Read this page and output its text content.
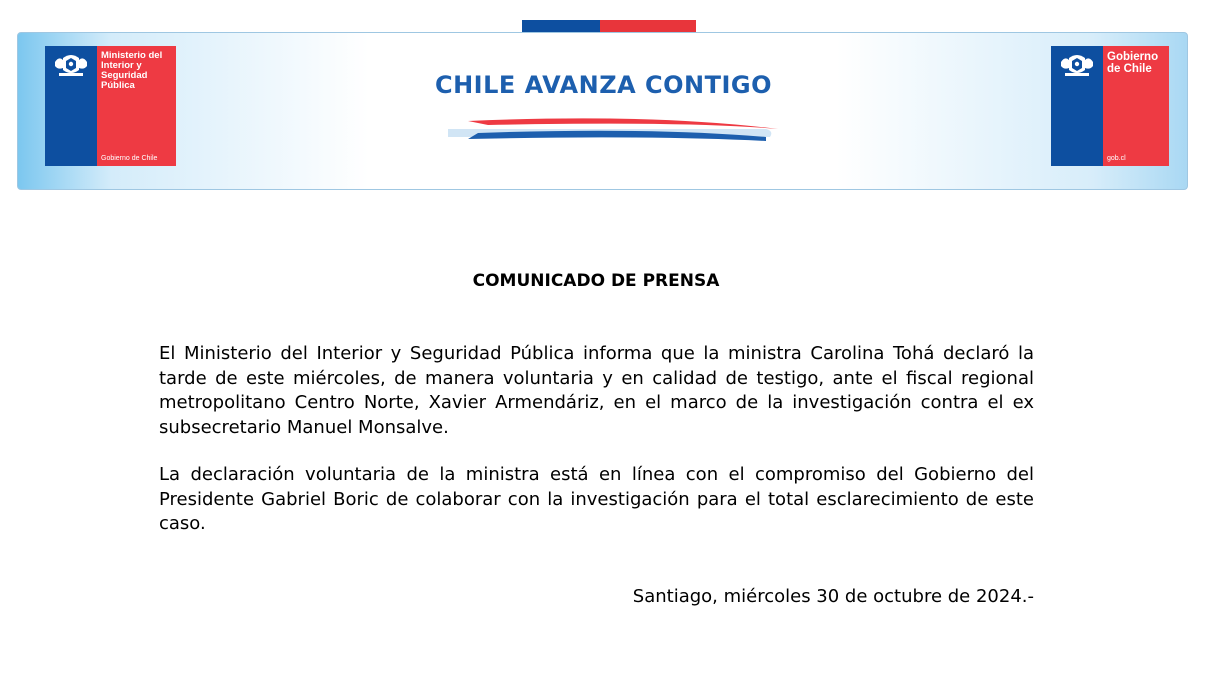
Ministerio del
Interior y
Seguridad
Pública
Gobierno de Chile
CHILE AVANZA CONTIGO
Gobierno
de Chile
gob.cl
COMUNICADO DE PRENSA

El Ministerio del Interior y Seguridad Pública informa que la ministra Carolina Tohá declaró la tarde de este miércoles, de manera voluntaria y en calidad de testigo, ante el fiscal regional metropolitano Centro Norte, Xavier Armendáriz, en el marco de la investigación contra el ex subsecretario Manuel Monsalve.

La declaración voluntaria de la ministra está en línea con el compromiso del Gobierno del Presidente Gabriel Boric de colaborar con la investigación para el total esclarecimiento de este caso.

Santiago, miércoles 30 de octubre de 2024.-
